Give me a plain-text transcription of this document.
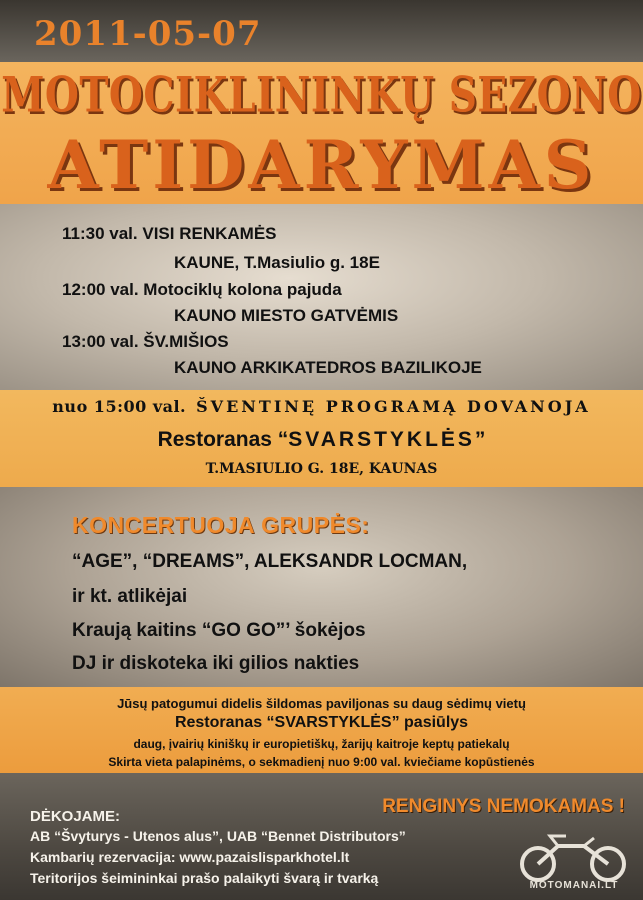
2011-05-07
MOTOCIKLININKŲ SEZONO
ATIDARYMAS
11:30 val. VISI RENKAMĖS
KAUNE, T.Masiulio g. 18E
12:00 val. Motociklų kolona pajuda
KAUNO MIESTO GATVĖMIS
13:00 val. ŠV.MIŠIOS
KAUNO ARKIKATEDROS BAZILIKOJE
nuo 15:00 val. ŠVENTINĘ PROGRAMĄ DOVANOJA
Restoranas “SVARSTYKLĖS”
T.MASIULIO G. 18E, KAUNAS
KONCERTUOJA GRUPĖS:
“AGE”, “DREAMS”, ALEKSANDR LOCMAN,
ir kt. atlikėjai
Kraują kaitins “GO GO”’ šokėjos
DJ ir diskoteka iki gilios nakties
Jūsų patogumui didelis šildomas paviljonas su daug sėdimų vietų
Restoranas “SVARSTYKLĖS” pasiūlys
daug, įvairių kiniškų ir europietiškų, žarijų kaitroje keptų patiekalų
Skirta vieta palapinėms, o sekmadienį nuo 9:00 val. kviečiame kopūstienės
RENGINYS NEMOKAMAS !
DĖKOJAME:
AB “Švyturys - Utenos alus”, UAB “Bennet Distributors”
Kambarių rezervacija: www.pazaislisparkhotel.lt
Teritorijos šeimininkai prašo palaikyti švarą ir tvarką	MOTOMANAI.LT
